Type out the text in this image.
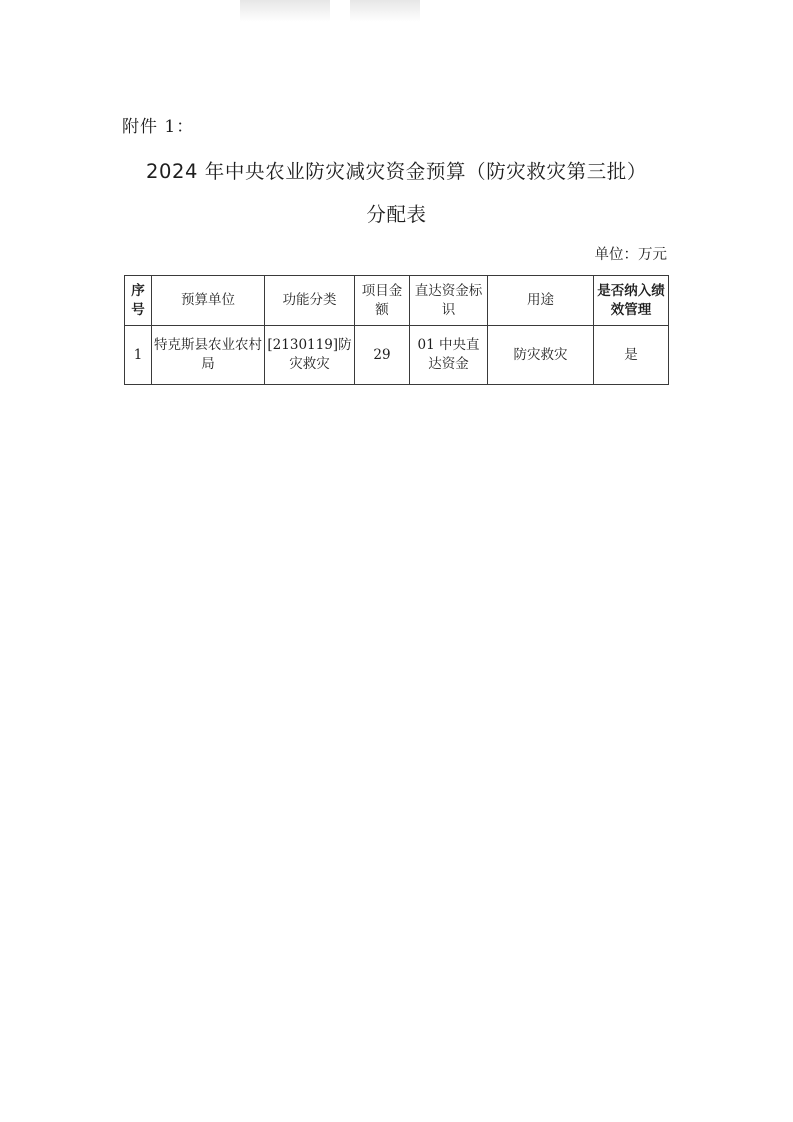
附件 1：
2024 年中央农业防灾减灾资金预算（防灾救灾第三批）
分配表
单位：万元
序号	预算单位	功能分类	项目金额	直达资金标识	用途	是否纳入绩效管理
1	特克斯县农业农村局	[2130119]防灾救灾	29	01 中央直达资金	防灾救灾	是
